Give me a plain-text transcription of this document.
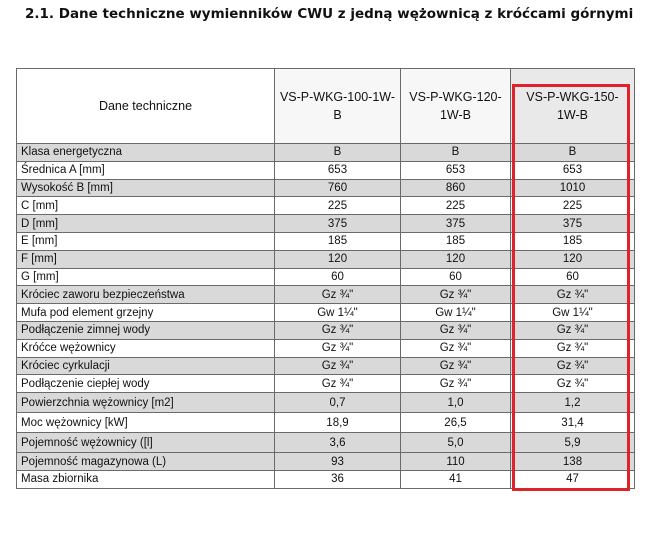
2.1. Dane techniczne wymienników CWU z jedną wężownicą z króćcami górnymi
Dane techniczne	VS-P-WKG-100-1W-B	VS-P-WKG-120-1W-B	VS-P-WKG-150-1W-B
Klasa energetyczna	B	B	B
Średnica A [mm]	653	653	653
Wysokość B [mm]	760	860	1010
C [mm]	225	225	225
D [mm]	375	375	375
E [mm]	185	185	185
F [mm]	120	120	120
G [mm]	60	60	60
Króciec zaworu bezpieczeństwa	Gz ¾"	Gz ¾"	Gz ¾"
Mufa pod element grzejny	Gw 1¼"	Gw 1¼"	Gw 1¼"
Podłączenie zimnej wody	Gz ¾"	Gz ¾"	Gz ¾"
Króćce wężownicy	Gz ¾"	Gz ¾"	Gz ¾"
Króciec cyrkulacji	Gz ¾"	Gz ¾"	Gz ¾"
Podłączenie ciepłej wody	Gz ¾"	Gz ¾"	Gz ¾"
Powierzchnia wężownicy [m2]	0,7	1,0	1,2
Moc wężownicy [kW]	18,9	26,5	31,4
Pojemność wężownicy ([l]	3,6	5,0	5,9
Pojemność magazynowa (L)	93	110	138
Masa zbiornika	36	41	47
